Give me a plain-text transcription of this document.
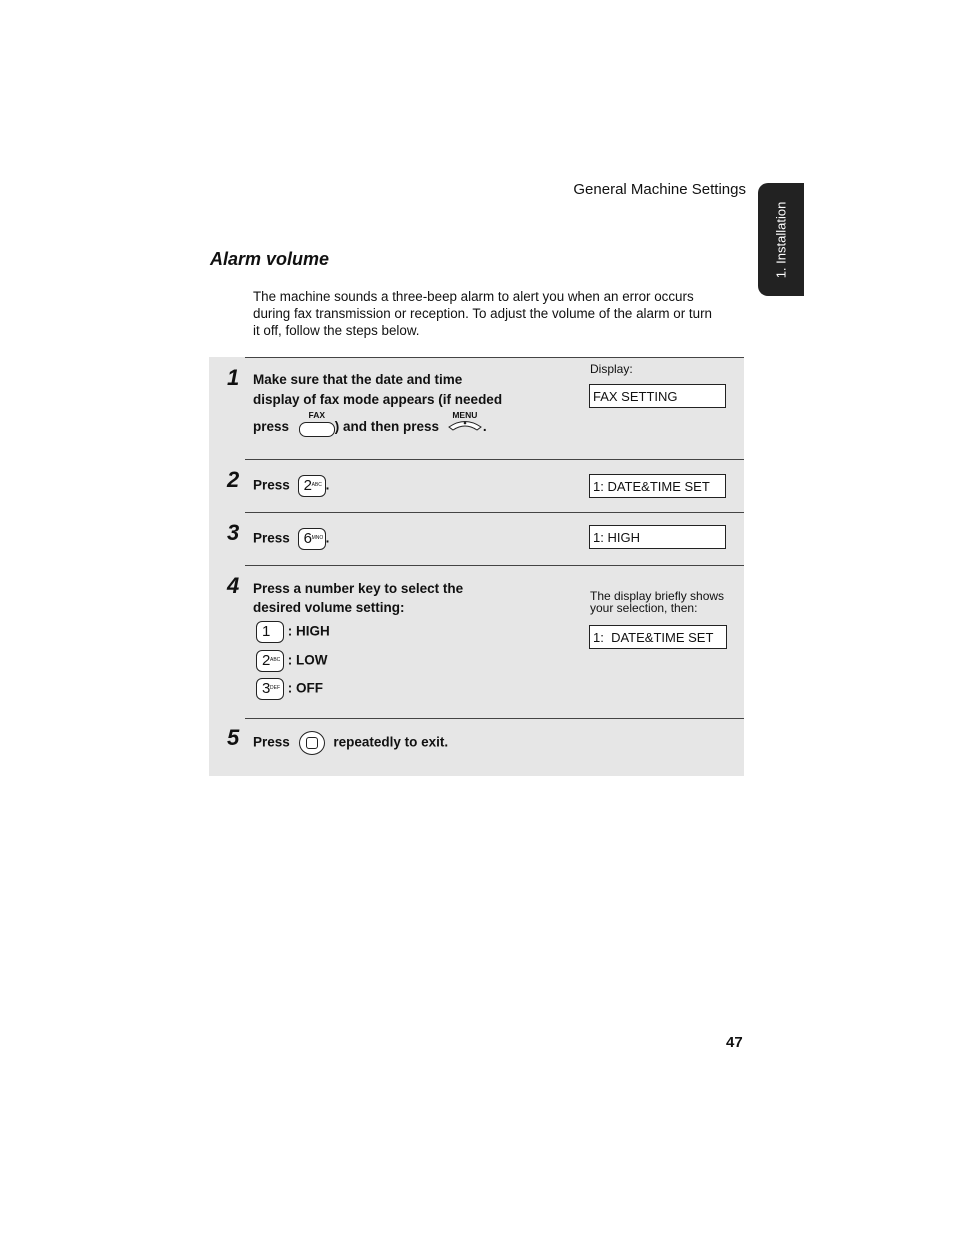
General Machine Settings
1. Installation
Alarm volume
The machine sounds a three-beep alarm to alert you when an error occurs
during fax transmission or reception. To adjust the volume of the alarm or turn
it off, follow the steps below.
1 Make sure that the date and time
display of fax mode appears (if needed
press
FAX
) and then press
MENU
.
Display:
FAX SETTING
2 Press 2 ABC .	1: DATE&TIME SET
3 Press 6 MNO .	1: HIGH
4 Press a number key to select the
desired volume setting:
1 : HIGH
2 ABC : LOW
3 DEF : OFF
The display briefly shows
your selection, then:
1:  DATE&TIME SET
5 Press	repeatedly to exit.
47
